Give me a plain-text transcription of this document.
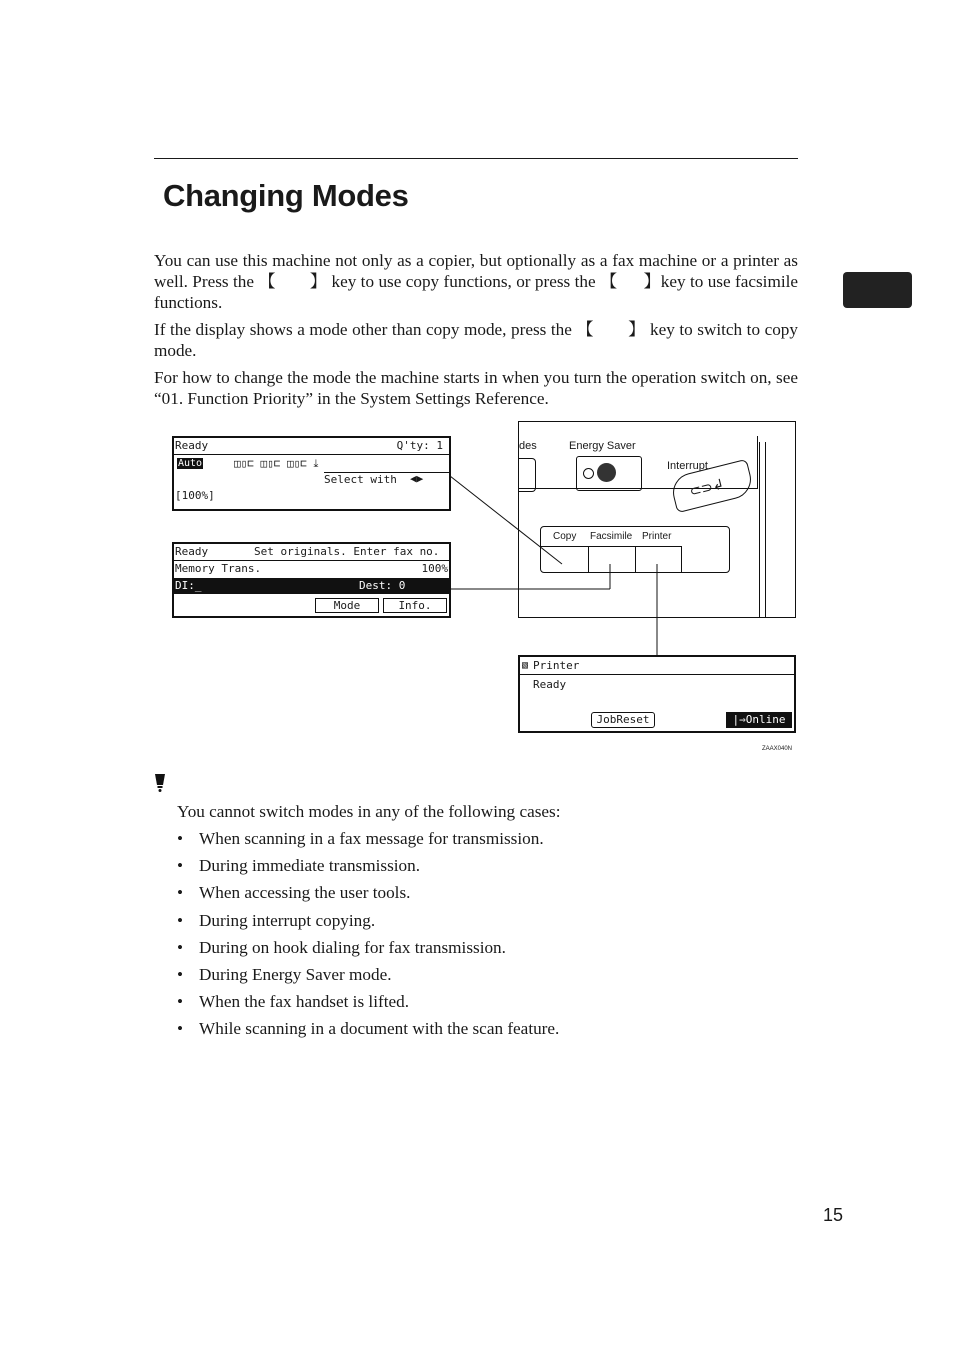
Changing Modes

You can use this machine not only as a copier, but optionally as a fax machine or a printer as well. Press the 【 】 key to use copy functions, or press the 【 】key to use facsimile functions.

If the display shows a mode other than copy mode, press the 【 】 key to switch to copy mode.

For how to change the mode the machine starts in when you turn the operation switch on, see “01. Function Priority” in the System Settings Reference.

Ready	Q'ty: 1
Auto	◫▯⊏ ◫▯⊏ ◫▯⊏ ⤓
Select with ◀▶
[100%]
Ready	Set originals. Enter fax no.
Memory Trans.	100%
DI:_	Dest: 0
Mode	Info.
des	Energy Saver
Interrupt
⊂⊃↲
Copy Facsimile Printer
▧ Printer
Ready
JobReset	|⇒Online
ZAAX040N

You cannot switch modes in any of the following cases:

• When scanning in a fax message for transmission.
• During immediate transmission.
• When accessing the user tools.
• During interrupt copying.
• During on hook dialing for fax transmission.
• During Energy Saver mode.
• When the fax handset is lifted.
• While scanning in a document with the scan feature.
15
